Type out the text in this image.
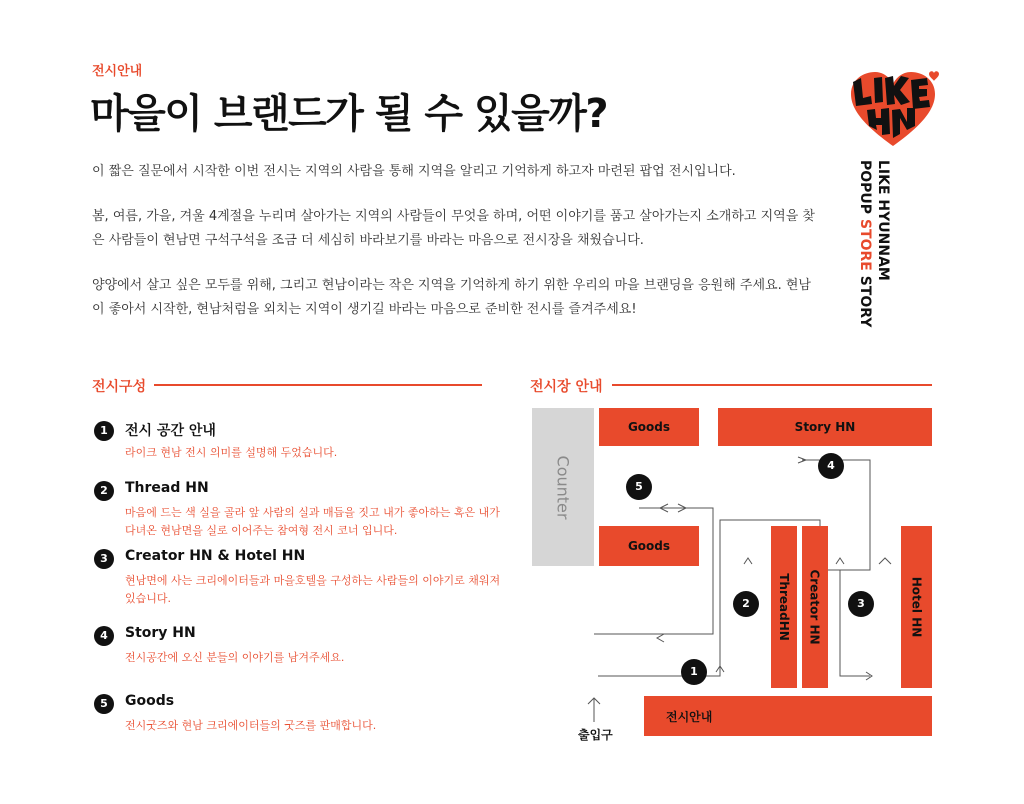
전시안내
마을이 브랜드가 될 수 있을까?

이 짧은 질문에서 시작한 이번 전시는 지역의 사람을 통해 지역을 알리고 기억하게 하고자 마련된 팝업 전시입니다.

봄, 여름, 가을, 겨울 4계절을 누리며 살아가는 지역의 사람들이 무엇을 하며, 어떤 이야기를 품고 살아가는지 소개하고 지역을 찾은 사람들이 현남면 구석구석을 조금 더 세심히 바라보기를 바라는 마음으로 전시장을 채웠습니다.

양양에서 살고 싶은 모두를 위해, 그리고 현남이라는 작은 지역을 기억하게 하기 위한 우리의 마을 브랜딩을 응원해 주세요. 현남이 좋아서 시작한, 현남처럼을 외치는 지역이 생기길 바라는 마음으로 준비한 전시를 즐겨주세요!

LIKE HYUNNAM
POPUP STORE STORY
전시구성	전시장 안내
1	전시 공간 안내
라이크 현남 전시 의미를 설명해 두었습니다.
2	Thread HN
마음에 드는 색 실을 골라 앞 사람의 실과 매듭을 짓고 내가 좋아하는 혹은 내가 다녀온 현남면을 실로 이어주는 참여형 전시 코너 입니다.
3	Creator HN & Hotel HN
현남면에 사는 크리에이터들과 마을호텔을 구성하는 사람들의 이야기로 채워져 있습니다.
4	Story HN
전시공간에 오신 분들의 이야기를 남겨주세요.
5	Goods
전시굿즈와 현남 크리에이터들의 굿즈를 판매합니다.
Goods	Story HN
Counter
Goods
ThreadHN Creator HN	Hotel HN
전시안내
1
2	3
4
5
출입구
